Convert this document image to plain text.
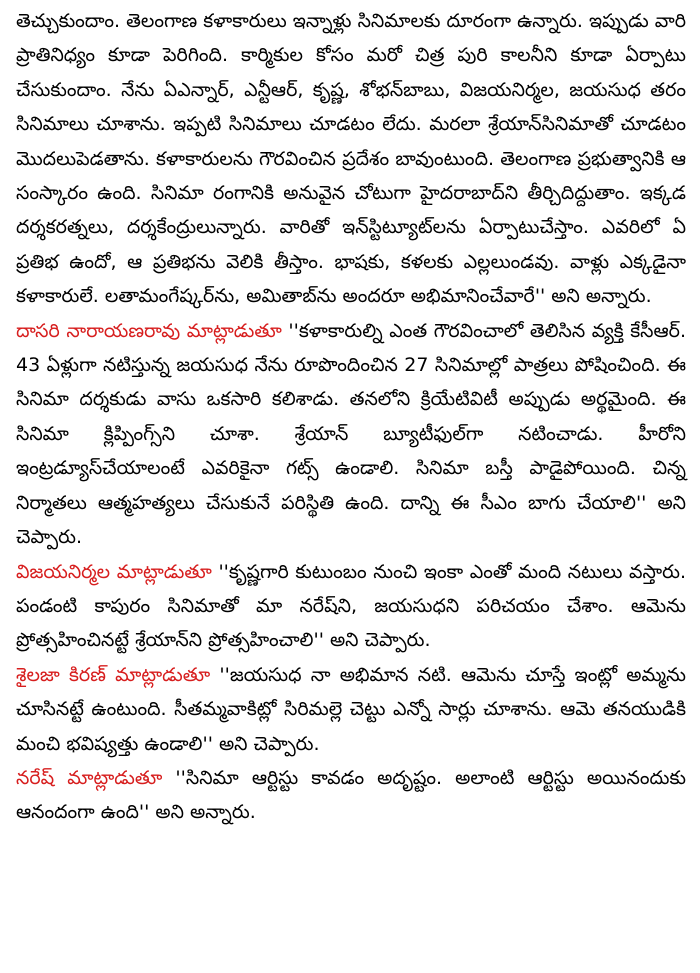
తెచ్చుకుందాం. తెలంగాణ కళాకారులు ఇన్నాళ్లు సినిమాలకు దూరంగా ఉన్నారు. ఇప్పుడు వారి ప్రాతినిధ్యం కూడా పెరిగింది. కార్మికుల కోసం మరో చిత్ర పురి కాలనీని కూడా ఏర్పాటు చేసుకుందాం. నేను ఏఎన్నార్‌, ఎన్టీఆర్‌, కృష్ణ, శోభన్‌బాబు, విజయనిర్మల, జయసుధ తరం సినిమాలు చూశాను. ఇప్పటి సినిమాలు చూడటం లేదు. మరలా శ్రేయాన్‌సినిమాతో చూడటం మొదలుపెడతాను. కళాకారులను గౌరవించిన ప్రదేశం బావుంటుంది. తెలంగాణ ప్రభుత్వానికి ఆ సంస్కారం ఉంది. సినిమా రంగానికి అనువైన చోటుగా హైదరాబాద్‌ని తీర్చిదిద్దుతాం. ఇక్కడ దర్శకరత్నలు, దర్శకేంద్రులున్నారు. వారితో ఇన్‌స్టిట్యూట్‌లను ఏర్పాటుచేస్తాం. ఎవరిలో ఏ ప్రతిభ ఉందో, ఆ ప్రతిభను వెలికి తీస్తాం. భాషకు, కళలకు ఎల్లలుండవు. వాళ్లు ఎక్కడైనా కళాకారులే. లతామంగేష్కర్‌ను, అమితాబ్‌ను అందరూ అభిమానించేవారే'' అని అన్నారు.

దాసరి నారాయణరావు మాట్లాడుతూ ''కళాకారుల్ని ఎంత గౌరవించాలో తెలిసిన వ్యక్తి కేసీఆర్‌. 43 ఏళ్లుగా నటిస్తున్న జయసుధ నేను రూపొందించిన 27 సినిమాల్లో పాత్రలు పోషించింది. ఈ సినిమా దర్శకుడు వాసు ఒకసారి కలిశాడు. తనలోని క్రియేటివిటీ అప్పుడు అర్థమైంది. ఈ సినిమా క్లిప్పింగ్స్‌ని చూశా. శ్రేయాన్‌ బ్యూటీఫుల్‌గా నటించాడు. హీరోని ఇంట్రడ్యూస్‌చేయాలంటే ఎవరికైనా గట్స్‌ ఉండాలి. సినిమా బస్తీ పాడైపోయింది. చిన్న నిర్మాతలు ఆత్మహత్యలు చేసుకునే పరిస్థితి ఉంది. దాన్ని ఈ సీఎం బాగు చేయాలి'' అని చెప్పారు.

విజయనిర్మల మాట్లాడుతూ ''కృష్ణగారి కుటుంబం నుంచి ఇంకా ఎంతో మంది నటులు వస్తారు. పండంటి కాపురం సినిమాతో మా నరేష్‌ని, జయసుధని పరిచయం చేశాం. ఆమెను ప్రోత్సహించినట్టే శ్రేయాన్‌ని ప్రోత్సహించాలి'' అని చెప్పారు.

శైలజా కిరణ్‌ మాట్లాడుతూ ''జయసుధ నా అభిమాన నటి. ఆమెను చూస్తే ఇంట్లో అమ్మను చూసినట్టే ఉంటుంది. సీతమ్మవాకిట్లో సిరిమల్లె చెట్టు ఎన్నో సార్లు చూశాను. ఆమె తనయుడికి మంచి భవిష్యత్తు ఉండాలి'' అని చెప్పారు.

నరేష్‌ మాట్లాడుతూ ''సినిమా ఆర్టిస్టు కావడం అదృష్టం. అలాంటి ఆర్టిస్టు అయినందుకు ఆనందంగా ఉంది'' అని అన్నారు.
